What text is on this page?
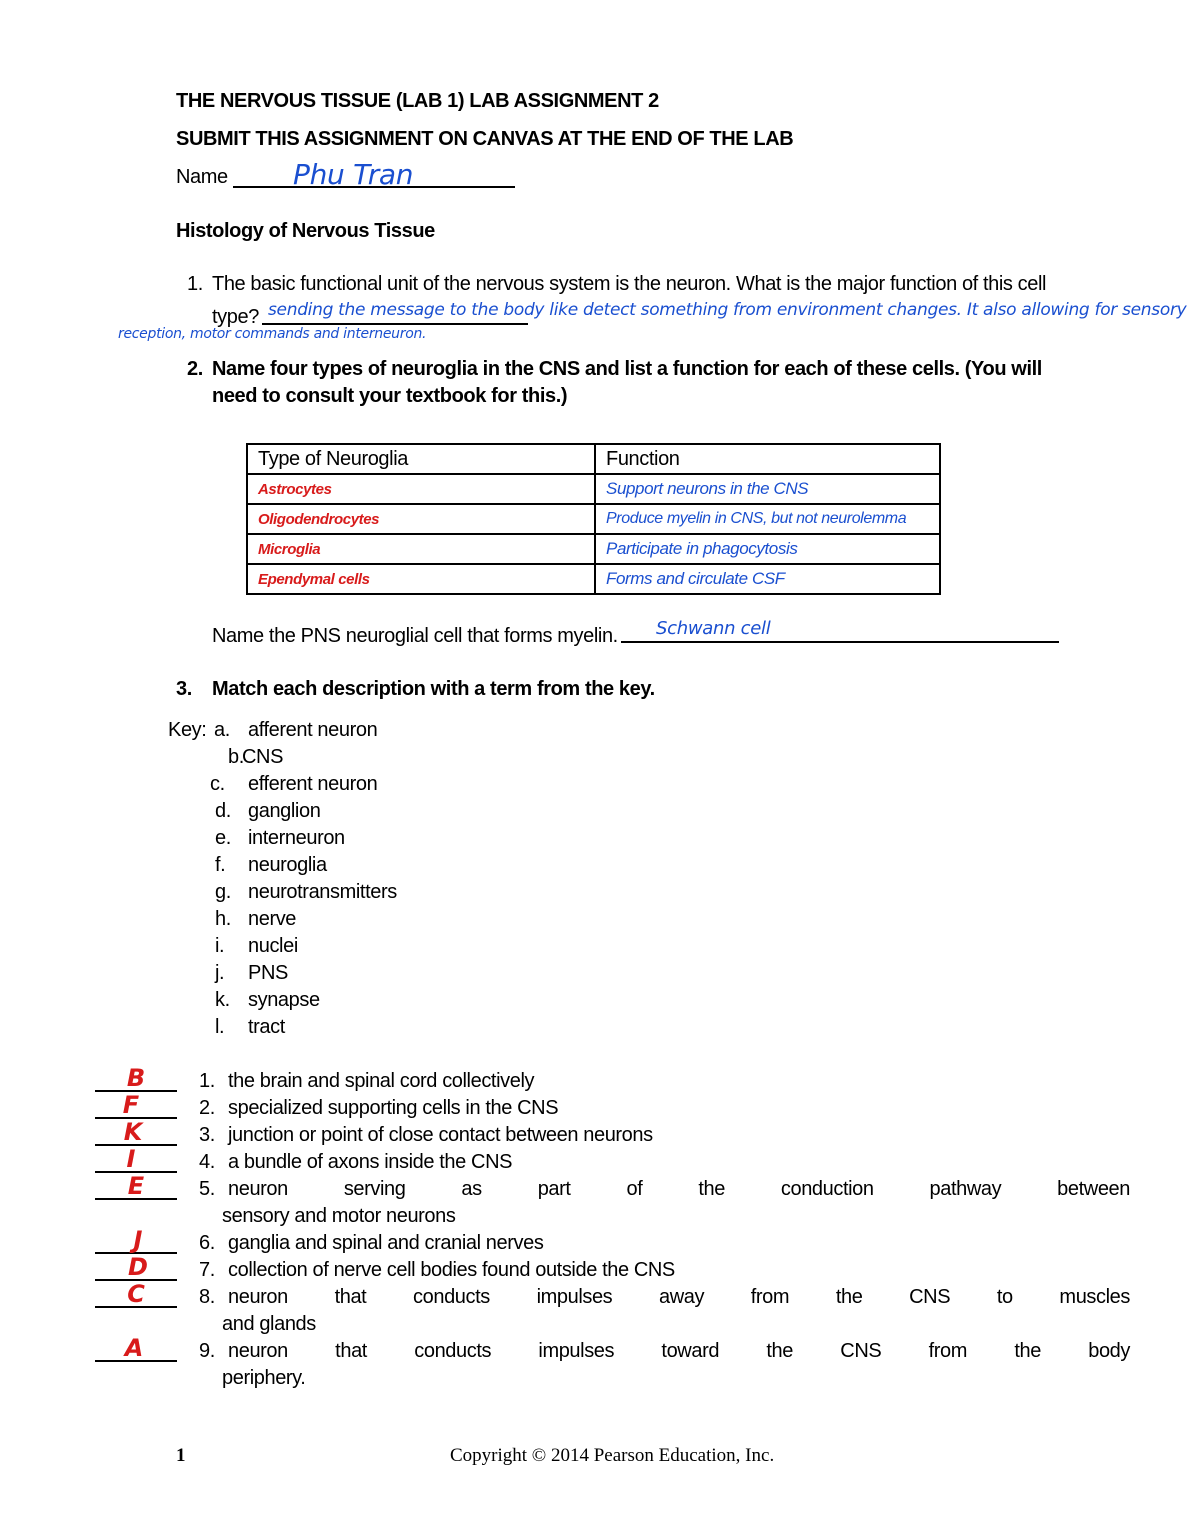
THE NERVOUS TISSUE (LAB 1) LAB ASSIGNMENT 2
SUBMIT THIS ASSIGNMENT ON CANVAS AT THE END OF THE LAB
Name Phu Tran
Histology of Nervous Tissue
1. The basic functional unit of the nervous system is the neuron. What is the major function of this cell
type? sending the message to the body like detect something from environment changes. It also allowing for sensory
reception, motor commands and interneuron.
2. Name four types of neuroglia in the CNS and list a function for each of these cells. (You will
need to consult your textbook for this.)
Type of Neuroglia	Function
Astrocytes	Support neurons in the CNS
Oligodendrocytes	Produce myelin in CNS, but not neurolemma
Microglia	Participate in phagocytosis
Ependymal cells	Forms and circulate CSF
Name the PNS neuroglial cell that forms myelin. Schwann cell
3. Match each description with a term from the key.
Key: a. afferent neuron
b.
CNS
c.	efferent neuron
d. ganglion
e. interneuron
f.	neuroglia
g. neurotransmitters
h. nerve
i.	nuclei
j.	PNS
k. synapse
l.	tract
B	1. the brain and spinal cord collectively
F	2. specialized supporting cells in the CNS
K	3. junction or point of close contact between neurons
I	4. a bundle of axons inside the CNS
E	5. neuron serving as part of the conduction pathway between
sensory and motor neurons
J	6. ganglia and spinal and cranial nerves
D	7. collection of nerve cell bodies found outside the CNS
C	8. neuron that conducts impulses away from the CNS to muscles
and glands
A	9. neuron that conducts impulses toward the CNS from the body
periphery.
1	Copyright © 2014 Pearson Education, Inc.
